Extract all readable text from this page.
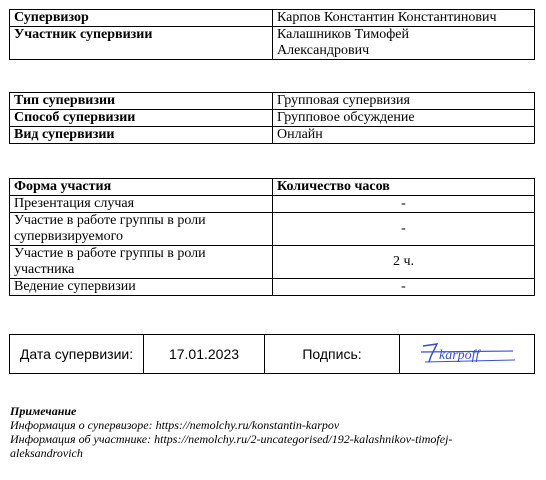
Супервизор	Карпов Константин Константинович
Участник супервизии	Калашников Тимофей
Александрович
Тип супервизии	Групповая супервизия
Способ супервизии	Групповое обсуждение
Вид супервизии	Онлайн
Форма участия	Количество часов
Презентация случая	-

Участие в работе группы в роли
супервизируемого	-

Участие в работе группы в роли
участника	2 ч.
Ведение супервизии	-
Дата супервизии:	17.01.2023	Подпись:	karpoff
Примечание
Информация о супервизоре: https://nemolchy.ru/konstantin-karpov
Информация об участнике: https://nemolchy.ru/2-uncategorised/192-kalashnikov-timofej-
aleksandrovich
